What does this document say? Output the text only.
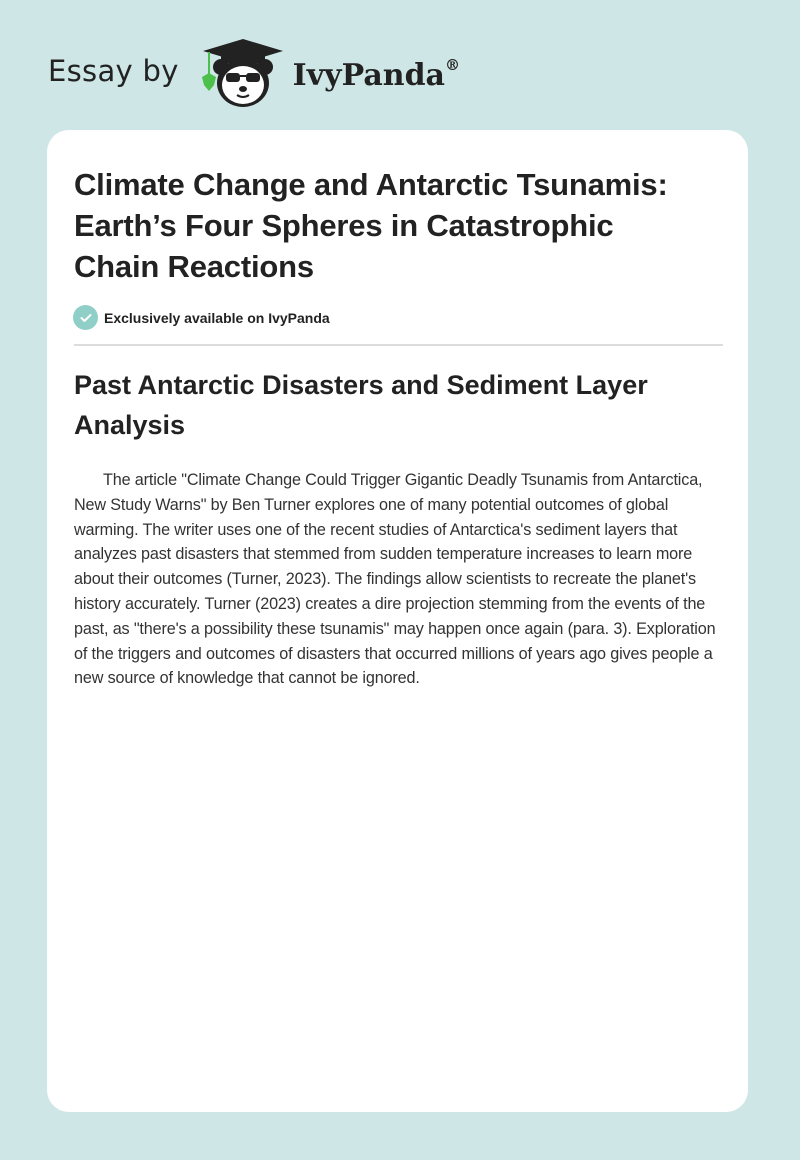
Essay by	IvyPanda®
Climate Change and Antarctic Tsunamis: Earth’s Four Spheres in Catastrophic Chain Reactions
Exclusively available on IvyPanda
Past Antarctic Disasters and Sediment Layer Analysis

The article "Climate Change Could Trigger Gigantic Deadly Tsunamis from Antarctica, New Study Warns" by Ben Turner explores one of many potential outcomes of global warming. The writer uses one of the recent studies of Antarctica's sediment layers that analyzes past disasters that stemmed from sudden temperature increases to learn more about their outcomes (Turner, 2023). The findings allow scientists to recreate the planet's history accurately. Turner (2023) creates a dire projection stemming from the events of the past, as "there's a possibility these tsunamis" may happen once again (para. 3). Exploration of the triggers and outcomes of disasters that occurred millions of years ago gives people a new source of knowledge that cannot be ignored.
